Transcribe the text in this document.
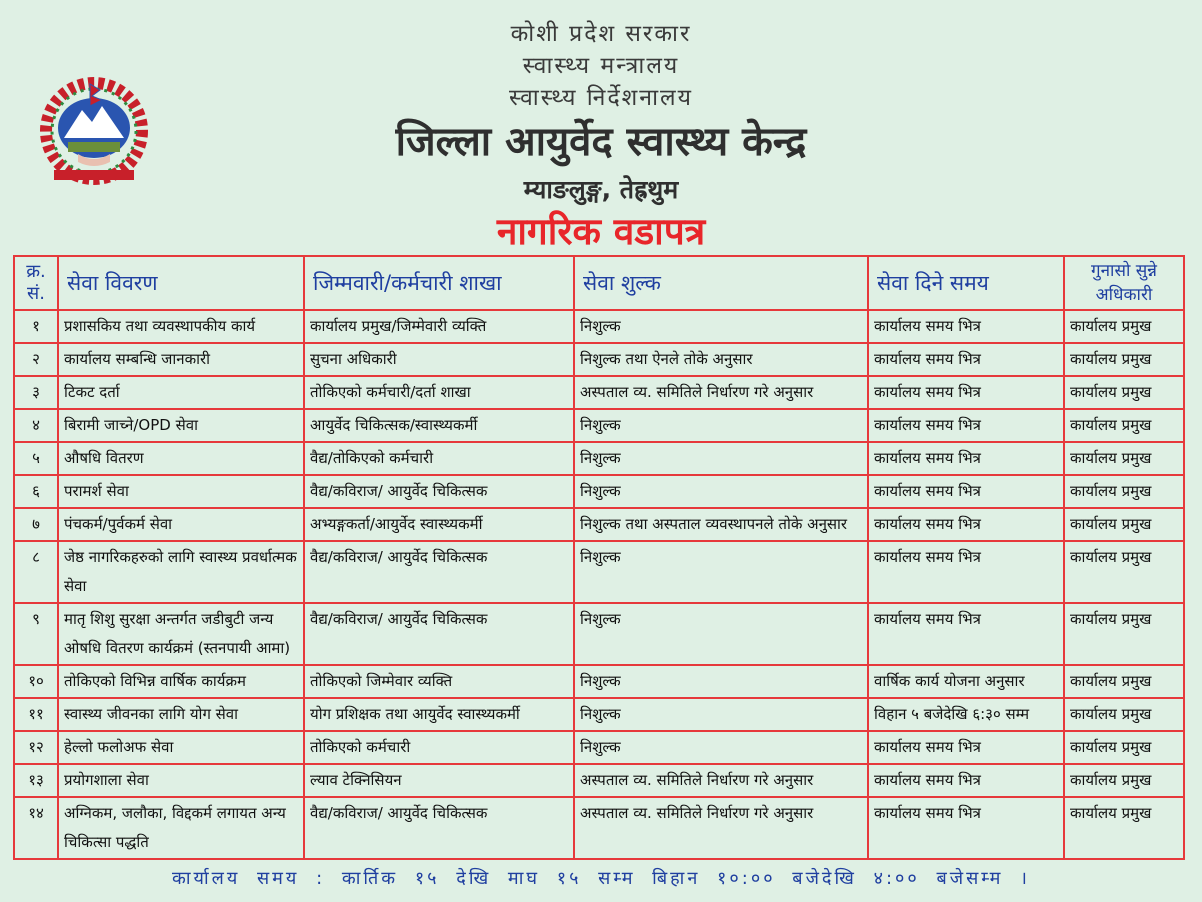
कोशी प्रदेश सरकार
स्वास्थ्य मन्त्रालय
स्वास्थ्य निर्देशनालय
जिल्ला आयुर्वेद स्वास्थ्य केन्द्र
म्याङलुङ्ग, तेह्रथुम
नागरिक वडापत्र
क्र. सं.	सेवा विवरण	जिम्मवारी/कर्मचारी शाखा	सेवा शुल्क	सेवा दिने समय	गुनासो सुन्ने अधिकारी
१	प्रशासकिय तथा व्यवस्थापकीय कार्य	कार्यालय प्रमुख/जिम्मेवारी व्यक्ति	निशुल्क	कार्यालय समय भित्र	कार्यालय प्रमुख
२	कार्यालय सम्बन्धि जानकारी	सुचना अधिकारी	निशुल्क तथा ऐनले तोके अनुसार	कार्यालय समय भित्र	कार्यालय प्रमुख
३	टिकट दर्ता	तोकिएको कर्मचारी/दर्ता शाखा	अस्पताल व्य. समितिले निर्धारण गरे अनुसार	कार्यालय समय भित्र	कार्यालय प्रमुख
४	बिरामी जाच्ने/OPD सेवा	आयुर्वेद चिकित्सक/स्वास्थ्यकर्मी	निशुल्क	कार्यालय समय भित्र	कार्यालय प्रमुख
५	औषधि वितरण	वैद्य/तोकिएको कर्मचारी	निशुल्क	कार्यालय समय भित्र	कार्यालय प्रमुख
६	परामर्श सेवा	वैद्य/कविराज/ आयुर्वेद चिकित्सक	निशुल्क	कार्यालय समय भित्र	कार्यालय प्रमुख
७	पंचकर्म/पुर्वकर्म सेवा	अभ्यङ्गकर्ता/आयुर्वेद स्वास्थ्यकर्मी	निशुल्क तथा अस्पताल व्यवस्थापनले तोके अनुसार	कार्यालय समय भित्र	कार्यालय प्रमुख
८	जेष्ठ नागरिकहरुको लागि स्वास्थ्य प्रवर्धात्मक सेवा	वैद्य/कविराज/ आयुर्वेद चिकित्सक	निशुल्क	कार्यालय समय भित्र	कार्यालय प्रमुख
९	मातृ शिशु सुरक्षा अन्तर्गत जडीबुटी जन्य ओषधि वितरण कार्यक्रमं (स्तनपायी आमा)	वैद्य/कविराज/ आयुर्वेद चिकित्सक	निशुल्क	कार्यालय समय भित्र	कार्यालय प्रमुख
१०	तोकिएको विभिन्न वार्षिक कार्यक्रम	तोकिएको जिम्मेवार व्यक्ति	निशुल्क	वार्षिक कार्य योजना अनुसार	कार्यालय प्रमुख
११	स्वास्थ्य जीवनका लागि योग सेवा	योग प्रशिक्षक तथा आयुर्वेद स्वास्थ्यकर्मी	निशुल्क	विहान ५ बजेदेखि ६:३० सम्म	कार्यालय प्रमुख
१२	हेल्लो फलोअफ सेवा	तोकिएको कर्मचारी	निशुल्क	कार्यालय समय भित्र	कार्यालय प्रमुख
१३	प्रयोगशाला सेवा	ल्याव टेक्निसियन	अस्पताल व्य. समितिले निर्धारण गरे अनुसार	कार्यालय समय भित्र	कार्यालय प्रमुख
१४	अग्निकम, जलौका, विद्दकर्म लगायत अन्य चिकित्सा पद्धति	वैद्य/कविराज/ आयुर्वेद चिकित्सक	अस्पताल व्य. समितिले निर्धारण गरे अनुसार	कार्यालय समय भित्र	कार्यालय प्रमुख
कार्यालय समय : कार्तिक १५ देखि माघ १५ सम्म बिहान १०:०० बजेदेखि ४:०० बजेसम्म ।
